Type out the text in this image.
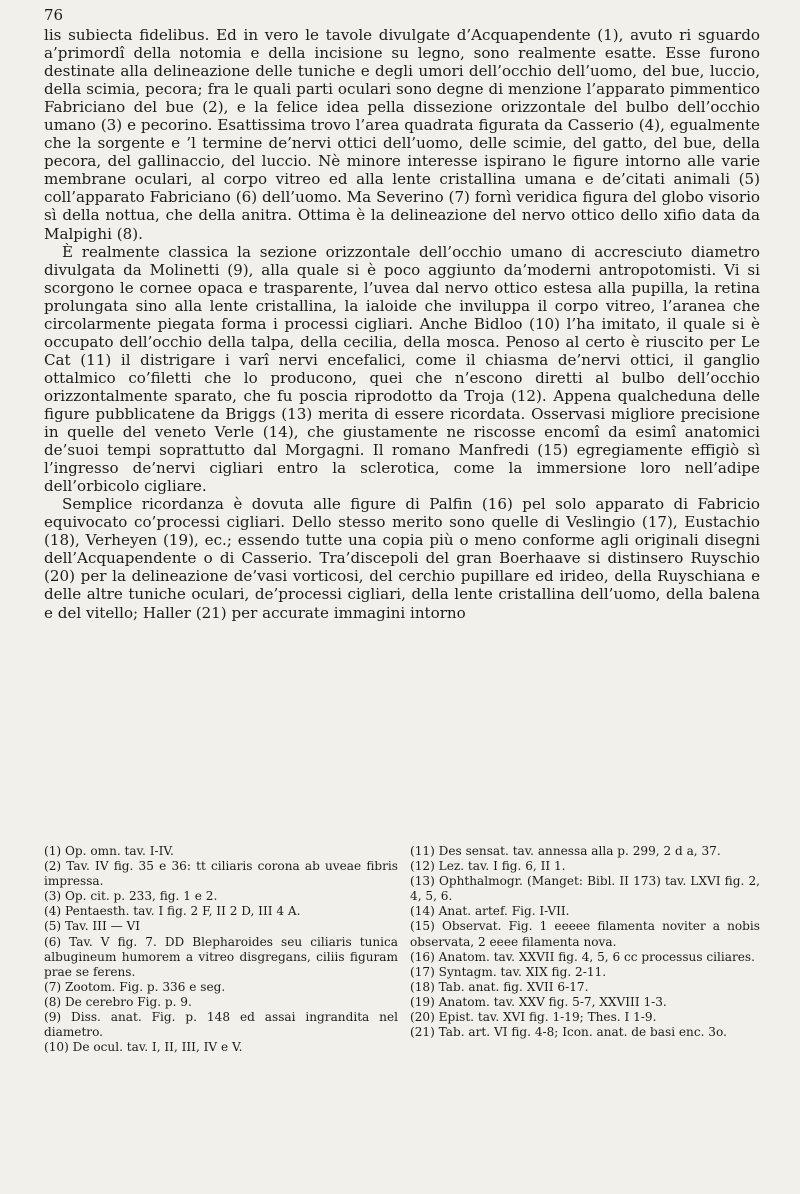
76

lis subiecta fidelibus. Ed in vero le tavole divulgate d’Acquapendente (1), avuto ri sguardo a’primordî della notomia e della incisione su legno, sono realmente esatte. Esse furono destinate alla delineazione delle tuniche e degli umori dell’occhio dell’uomo, del bue, luccio, della scimia, pecora; fra le quali parti oculari sono degne di menzione l’apparato pimmentico Fabriciano del bue (2), e la felice idea pella dissezione orizzontale del bulbo dell’occhio umano (3) e pecorino. Esattissima trovo l’area quadrata figurata da Casserio (4), egualmente che la sorgente e ’l termine de’nervi ottici dell’uomo, delle scimie, del gatto, del bue, della pecora, del gallinaccio, del luccio. Nè minore interesse ispirano le figure intorno alle varie membrane oculari, al corpo vitreo ed alla lente cristallina umana e de’citati animali (5) coll’apparato Fabriciano (6) dell’uomo. Ma Severino (7) fornì veridica figura del globo visorio sì della nottua, che della anitra. Ottima è la delineazione del nervo ottico dello xifio data da Malpighi (8).

È realmente classica la sezione orizzontale dell’occhio umano di accresciuto diametro divulgata da Molinetti (9), alla quale si è poco aggiunto da’moderni antropotomisti. Vi si scorgono le cornee opaca e trasparente, l’uvea dal nervo ottico estesa alla pupilla, la retina prolungata sino alla lente cristallina, la ialoide che inviluppa il corpo vitreo, l’aranea che circolarmente piegata forma i processi cigliari. Anche Bidloo (10) l’ha imitato, il quale si è occupato dell’occhio della talpa, della cecilia, della mosca. Penoso al certo è riuscito per Le Cat (11) il distrigare i varî nervi encefalici, come il chiasma de’nervi ottici, il ganglio ottalmico co’filetti che lo producono, quei che n’escono diretti al bulbo dell’occhio orizzontalmente sparato, che fu poscia riprodotto da Troja (12). Appena qualcheduna delle figure pubblicatene da Briggs (13) merita di essere ricordata. Osservasi migliore precisione in quelle del veneto Verle (14), che giustamente ne riscosse encomî da esimî anatomici de’suoi tempi soprattutto dal Morgagni. Il romano Manfredi (15) egregiamente effigiò sì l’ingresso de’nervi cigliari entro la sclerotica, come la immersione loro nell’adipe dell’orbicolo cigliare.

Semplice ricordanza è dovuta alle figure di Palfin (16) pel solo apparato di Fabricio equivocato co’processi cigliari. Dello stesso merito sono quelle di Veslingio (17), Eustachio (18), Verheyen (19), ec.; essendo tutte una copia più o meno conforme agli originali disegni dell’Acquapendente o di Casserio. Tra’discepoli del gran Boerhaave si distinsero Ruyschio (20) per la delineazione de’vasi vorticosi, del cerchio pupillare ed irideo, della Ruyschiana e delle altre tuniche oculari, de’processi cigliari, della lente cristallina dell’uomo, della balena e del vitello; Haller (21) per accurate immagini intorno

(1) Op. omn. tav. I-IV.

(2) Tav. IV fig. 35 e 36: tt ciliaris corona ab uveae fibris impressa.

(3) Op. cit. p. 233, fig. 1 e 2.

(4) Pentaesth. tav. I fig. 2 F, II 2 D, III 4 A.

(5) Tav. III — VI

(6) Tav. V fig. 7. DD Blepharoides seu ciliaris tunica albugineum humorem a vitreo disgregans, ciliis figuram prae se ferens.

(7) Zootom. Fig. p. 336 e seg.

(8) De cerebro Fig. p. 9.

(9) Diss. anat. Fig. p. 148 ed assai ingrandita nel diametro.

(10) De ocul. tav. I, II, III, IV e V.

(11) Des sensat. tav. annessa alla p. 299, 2 d a, 37.

(12) Lez. tav. I fig. 6, II 1.

(13) Ophthalmogr. (Manget: Bibl. II 173) tav. LXVI fig. 2, 4, 5, 6.

(14) Anat. artef. Fig. I-VII.

(15) Observat. Fig. 1 eeeee filamenta noviter a nobis observata, 2 eeee filamenta nova.

(16) Anatom. tav. XXVII fig. 4, 5, 6 cc processus ciliares.

(17) Syntagm. tav. XIX fig. 2-11.

(18) Tab. anat. fig. XVII 6-17.

(19) Anatom. tav. XXV fig. 5-7, XXVIII 1-3.

(20) Epist. tav. XVI fig. 1-19; Thes. I 1-9.

(21) Tab. art. VI fig. 4-8; Icon. anat. de basi enc. 3o.
